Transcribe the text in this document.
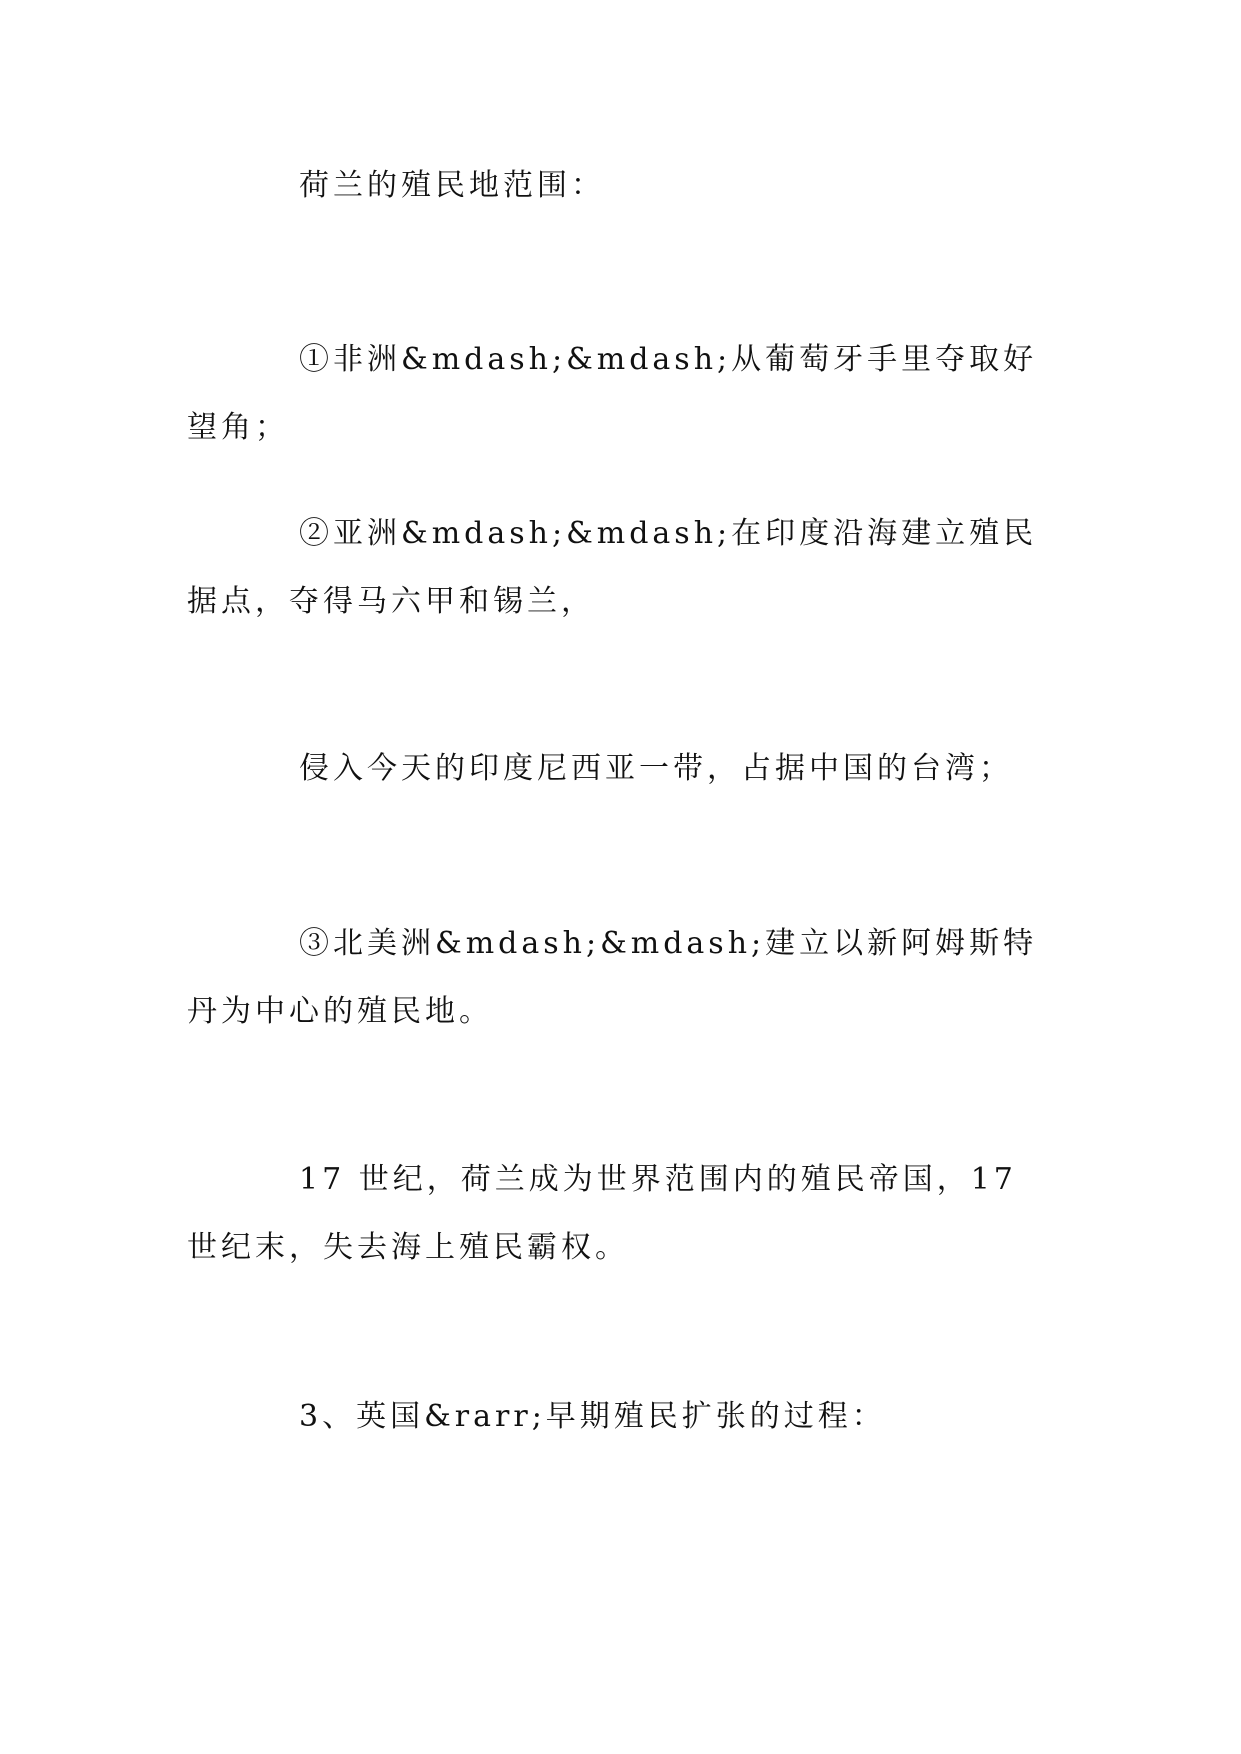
荷兰的殖民地范围：

①非洲&mdash;&mdash;从葡萄牙手里夺取好望角；

②亚洲&mdash;&mdash;在印度沿海建立殖民据点，夺得马六甲和锡兰，

侵入今天的印度尼西亚一带，占据中国的台湾；

③北美洲&mdash;&mdash;建立以新阿姆斯特丹为中心的殖民地。

17 世纪，荷兰成为世界范围内的殖民帝国，17 世纪末，失去海上殖民霸权。

3、英国&rarr;早期殖民扩张的过程：
